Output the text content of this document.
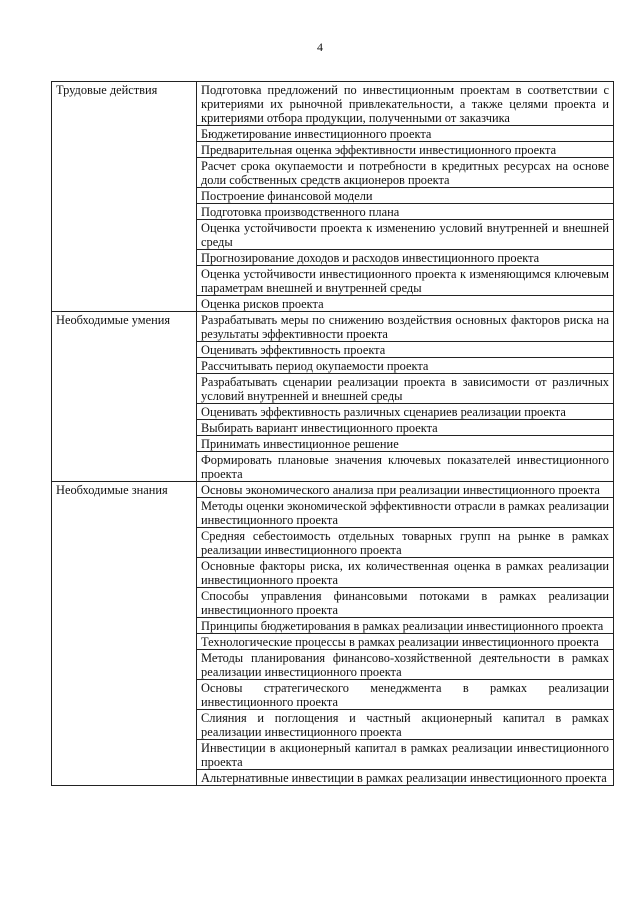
4
Трудовые действия	Подготовка предложений по инвестиционным проектам в соответствии с критериями их рыночной привлекательности, а также целями проекта и критериями отбора продукции, полученными от заказчика
	Бюджетирование инвестиционного проекта
	Предварительная оценка эффективности инвестиционного проекта
	Расчет срока окупаемости и потребности в кредитных ресурсах на основе доли собственных средств акционеров проекта
	Построение финансовой модели
	Подготовка производственного плана
	Оценка устойчивости проекта к изменению условий внутренней и внешней среды
	Прогнозирование доходов и расходов инвестиционного проекта
	Оценка устойчивости инвестиционного проекта к изменяющимся ключевым параметрам внешней и внутренней среды
	Оценка рисков проекта
Необходимые умения	Разрабатывать меры по снижению воздействия основных факторов риска на результаты эффективности проекта
	Оценивать эффективность проекта
	Рассчитывать период окупаемости проекта
	Разрабатывать сценарии реализации проекта в зависимости от различных условий внутренней и внешней среды
	Оценивать эффективность различных сценариев реализации проекта
	Выбирать вариант инвестиционного проекта
	Принимать инвестиционное решение
	Формировать плановые значения ключевых показателей инвестиционного проекта
Необходимые знания	Основы экономического анализа при реализации инвестиционного проекта
	Методы оценки экономической эффективности отрасли в рамках реализации инвестиционного проекта
	Средняя себестоимость отдельных товарных групп на рынке в рамках реализации инвестиционного проекта
	Основные факторы риска, их количественная оценка в рамках реализации инвестиционного проекта
	Способы управления финансовыми потоками в рамках реализации инвестиционного проекта
	Принципы бюджетирования в рамках реализации инвестиционного проекта
	Технологические процессы в рамках реализации инвестиционного проекта
	Методы планирования финансово-хозяйственной деятельности в рамках реализации инвестиционного проекта
	Основы стратегического менеджмента в рамках реализации инвестиционного проекта
	Слияния и поглощения и частный акционерный капитал в рамках реализации инвестиционного проекта
	Инвестиции в акционерный капитал в рамках реализации инвестиционного проекта
	Альтернативные инвестиции в рамках реализации инвестиционного проекта
